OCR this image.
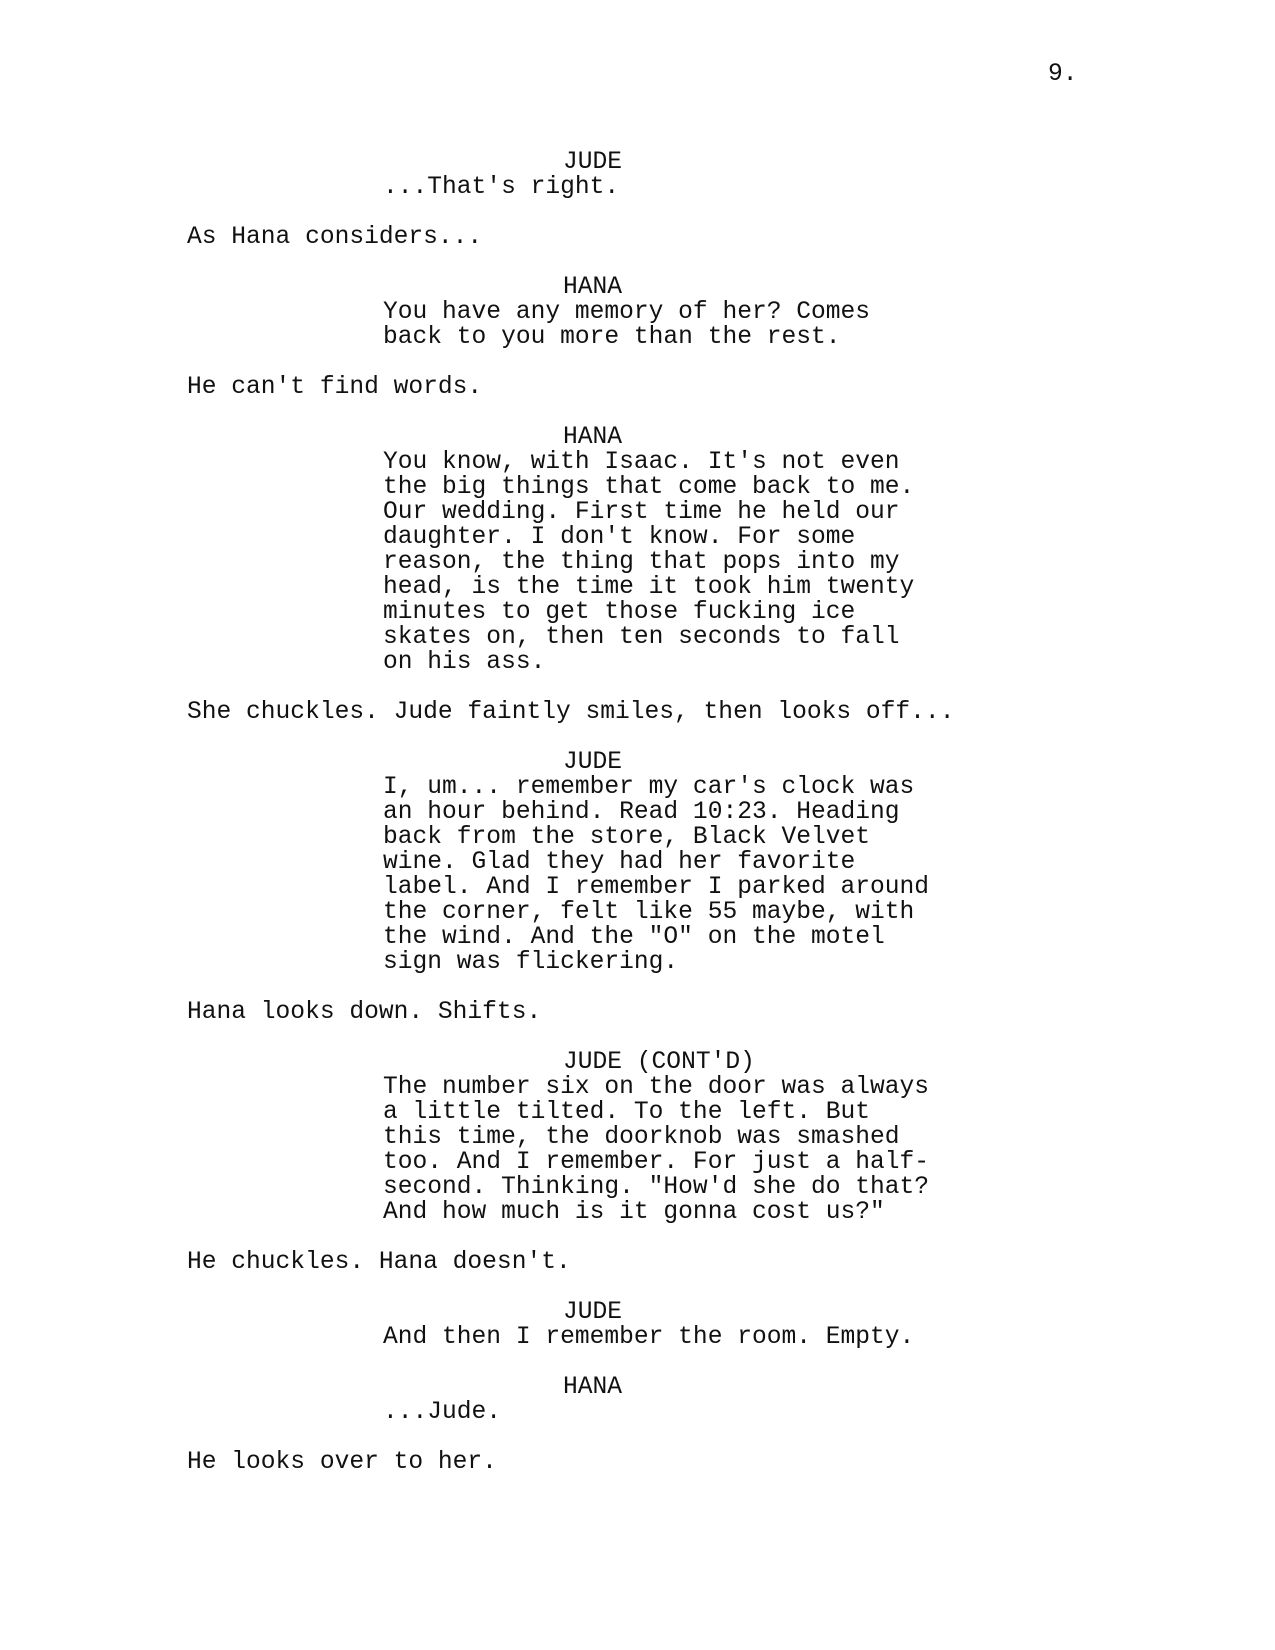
9.
JUDE
...That's right.
As Hana considers...
HANA
You have any memory of her? Comes
back to you more than the rest.
He can't find words.
HANA
You know, with Isaac. It's not even
the big things that come back to me.
Our wedding. First time he held our
daughter. I don't know. For some
reason, the thing that pops into my
head, is the time it took him twenty
minutes to get those fucking ice
skates on, then ten seconds to fall
on his ass.
She chuckles. Jude faintly smiles, then looks off...
JUDE
I, um... remember my car's clock was
an hour behind. Read 10:23. Heading
back from the store, Black Velvet
wine. Glad they had her favorite
label. And I remember I parked around
the corner, felt like 55 maybe, with
the wind. And the "O" on the motel
sign was flickering.
Hana looks down. Shifts.
JUDE (CONT'D)
The number six on the door was always
a little tilted. To the left. But
this time, the doorknob was smashed
too. And I remember. For just a half-
second. Thinking. "How'd she do that?
And how much is it gonna cost us?"
He chuckles. Hana doesn't.
JUDE
And then I remember the room. Empty.
HANA
...Jude.
He looks over to her.
